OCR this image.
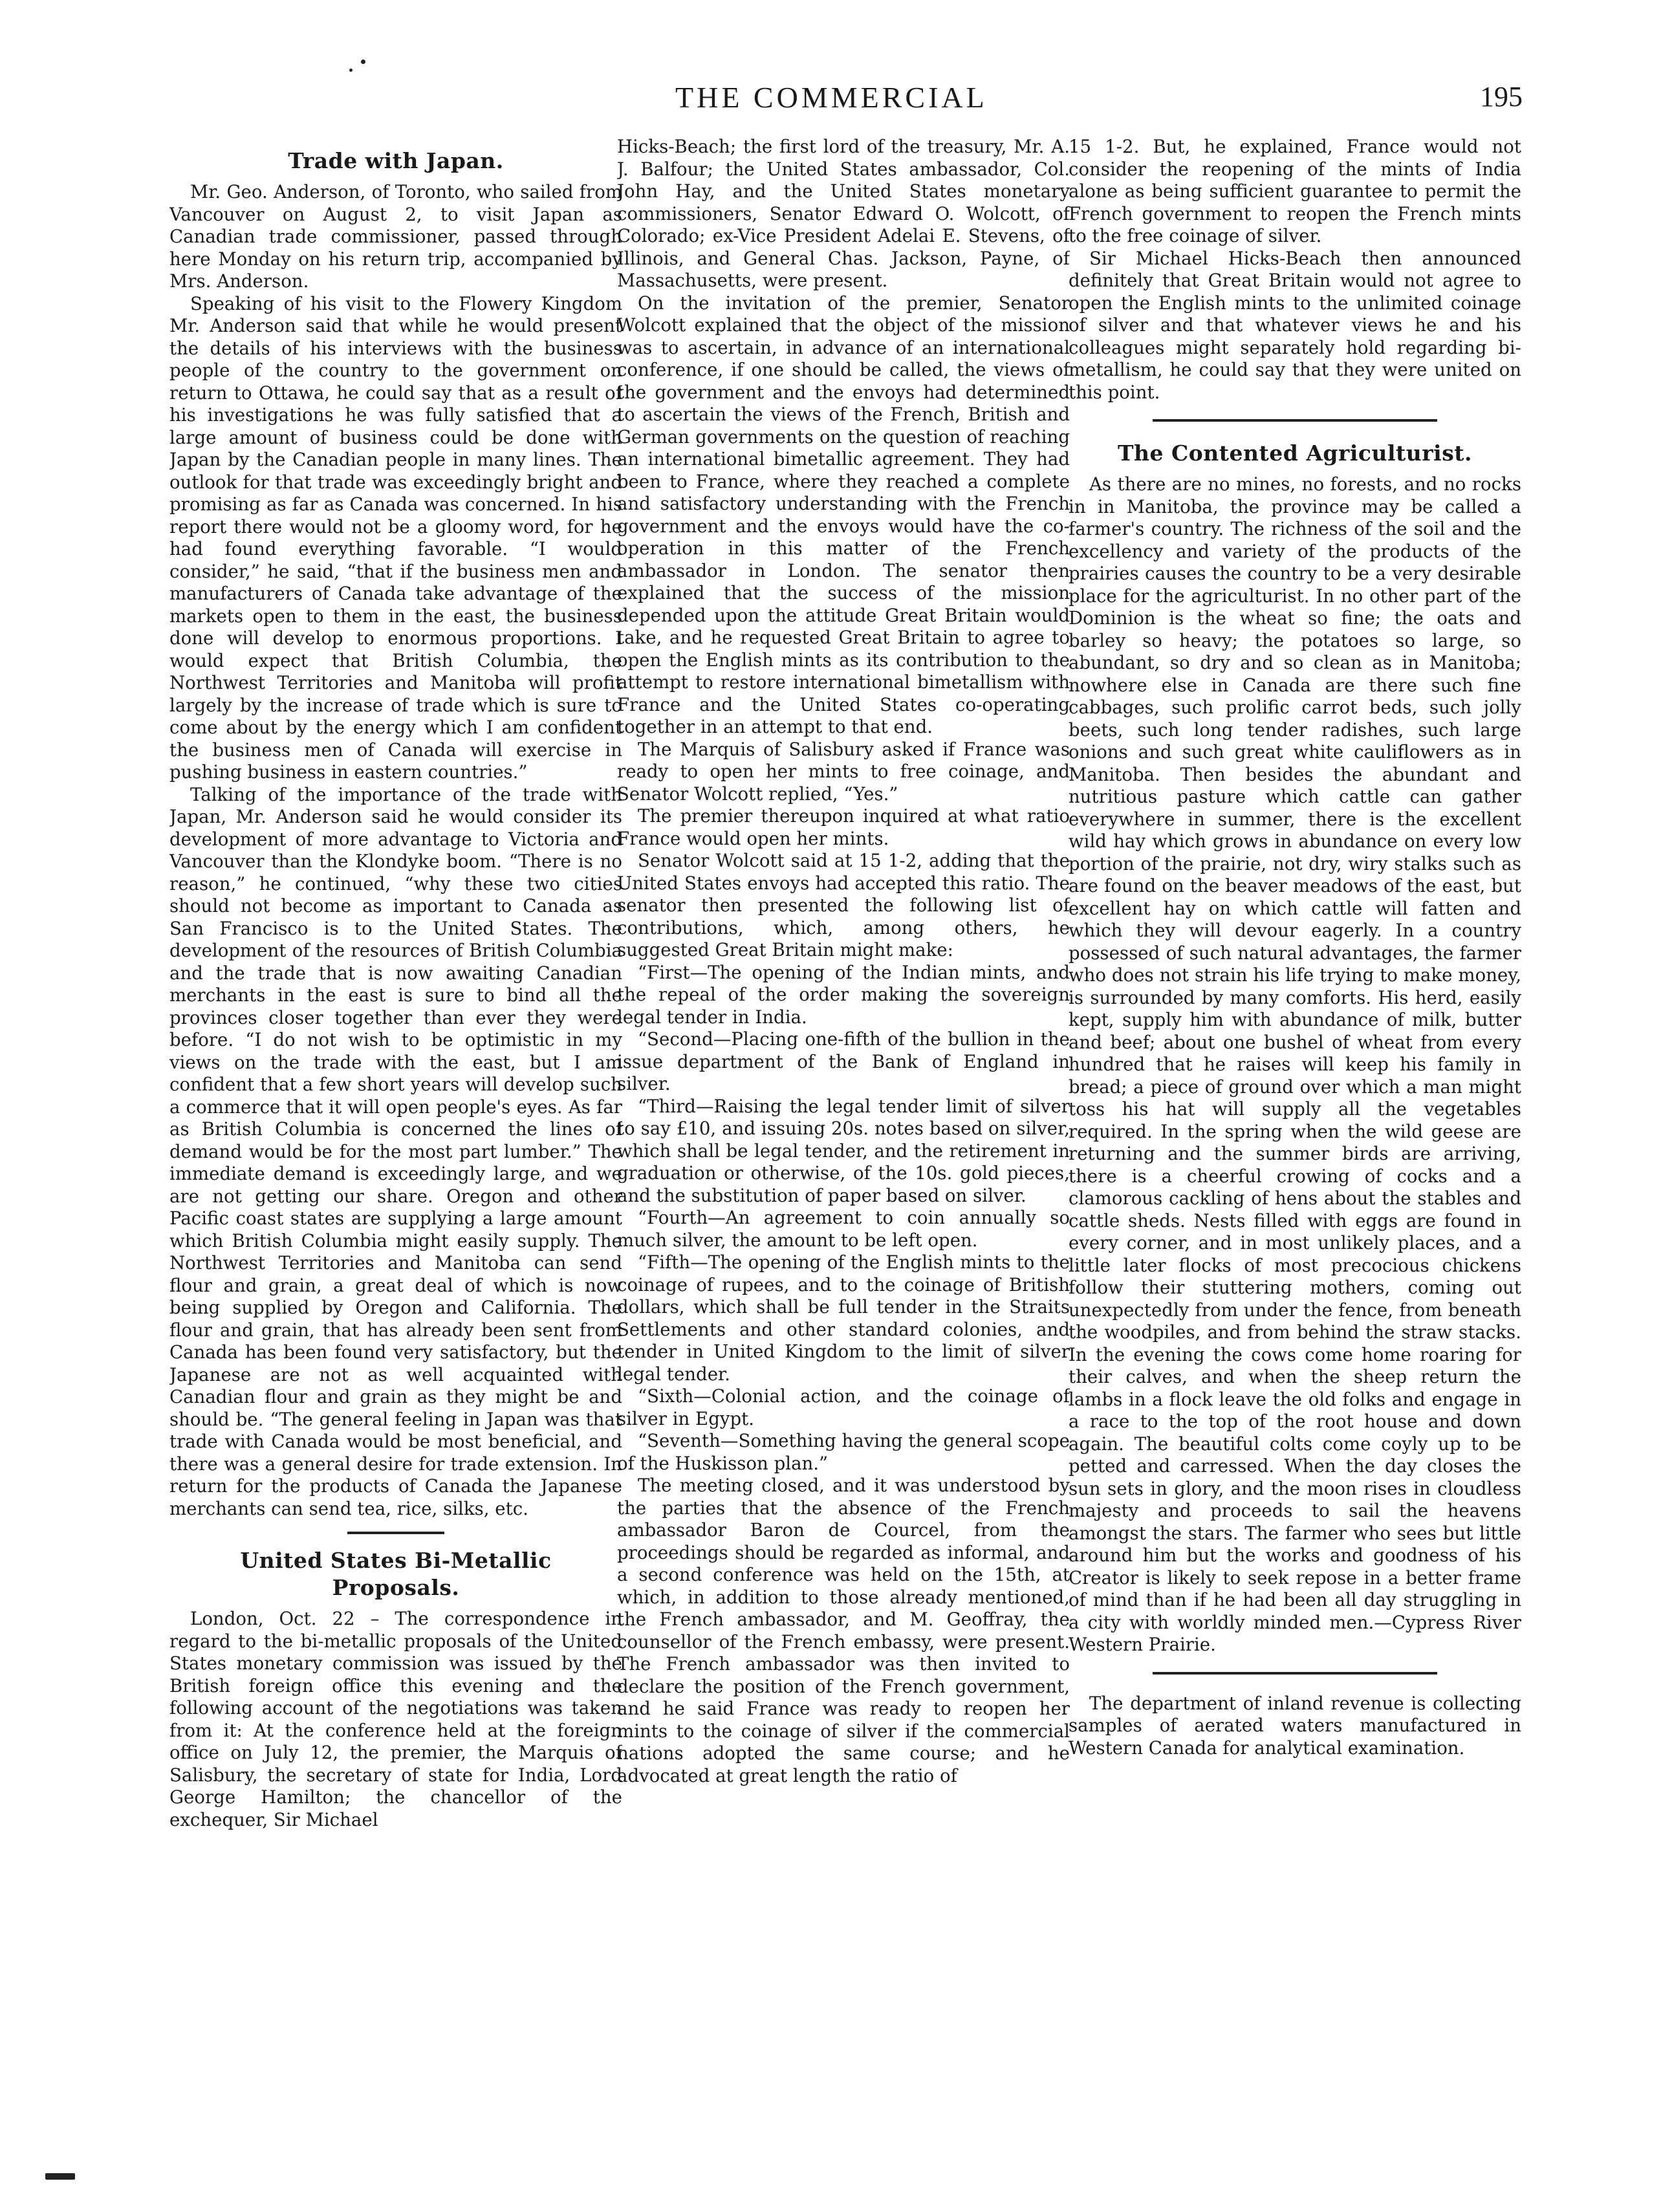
THE COMMERCIAL	195
Trade with Japan.

Mr. Geo. Anderson, of Toronto, who sailed from Vancouver on August 2, to visit Japan as Canadian trade commissioner, passed through here Monday on his return trip, accompanied by Mrs. Anderson.

Speaking of his visit to the Flowery Kingdom Mr. Anderson said that while he would present the details of his interviews with the business people of the country to the government on return to Ottawa, he could say that as a result of his investigations he was fully satisfied that a large amount of business could be done with Japan by the Canadian people in many lines. The outlook for that trade was exceedingly bright and promising as far as Canada was concerned. In his report there would not be a gloomy word, for he had found everything favorable. “I would consider,” he said, “that if the business men and manufacturers of Canada take advantage of the markets open to them in the east, the business done will develop to enormous proportions. I would expect that British Columbia, the Northwest Territories and Manitoba will profit largely by the increase of trade which is sure to come about by the energy which I am confident the business men of Canada will exercise in pushing business in eastern countries.”

Talking of the importance of the trade with Japan, Mr. Anderson said he would consider its development of more advantage to Victoria and Vancouver than the Klondyke boom. “There is no reason,” he continued, “why these two cities should not become as important to Canada as San Francisco is to the United States. The development of the resources of British Columbia and the trade that is now awaiting Canadian merchants in the east is sure to bind all the provinces closer together than ever they were before. “I do not wish to be optimistic in my views on the trade with the east, but I am confident that a few short years will develop such a commerce that it will open people's eyes. As far as British Columbia is concerned the lines of demand would be for the most part lumber.” The immediate demand is exceedingly large, and we are not getting our share. Oregon and other Pacific coast states are supplying a large amount which British Columbia might easily supply. The Northwest Territories and Manitoba can send flour and grain, a great deal of which is now being supplied by Oregon and California. The flour and grain, that has already been sent from Canada has been found very satisfactory, but the Japanese are not as well acquainted with Canadian flour and grain as they might be and should be. “The general feeling in Japan was that trade with Canada would be most beneficial, and there was a general desire for trade extension. In return for the products of Canada the Japanese merchants can send tea, rice, silks, etc.

United States Bi-Metallic Proposals.

London, Oct. 22 – The correspondence in regard to the bi-metallic proposals of the United States monetary commission was issued by the British foreign office this evening and the following account of the negotiations was taken from it: At the conference held at the foreign office on July 12, the premier, the Marquis of Salisbury, the secretary of state for India, Lord George Hamilton; the chancellor of the exchequer, Sir Michael

Hicks-Beach; the first lord of the treasury, Mr. A. J. Balfour; the United States ambassador, Col. John Hay, and the United States monetary commissioners, Senator Edward O. Wolcott, of Colorado; ex-Vice President Adelai E. Stevens, of Illinois, and General Chas. Jackson, Payne, of Massachusetts, were present.

On the invitation of the premier, Senator Wolcott explained that the object of the mission was to ascertain, in advance of an international conference, if one should be called, the views of the government and the envoys had determined to ascertain the views of the French, British and German governments on the question of reaching an international bimetallic agreement. They had been to France, where they reached a complete and satisfactory understanding with the French government and the envoys would have the co-operation in this matter of the French ambassador in London. The senator then explained that the success of the mission depended upon the attitude Great Britain would take, and he requested Great Britain to agree to open the English mints as its contribution to the attempt to restore international bimetallism with France and the United States co-operating together in an attempt to that end.

The Marquis of Salisbury asked if France was ready to open her mints to free coinage, and Senator Wolcott replied, “Yes.”

The premier thereupon inquired at what ratio France would open her mints.

Senator Wolcott said at 15 1-2, adding that the United States envoys had accepted this ratio. The senator then presented the following list of contributions, which, among others, he suggested Great Britain might make:

“First—The opening of the Indian mints, and the repeal of the order making the sovereign legal tender in India.

“Second—Placing one-fifth of the bullion in the issue department of the Bank of England in silver.

“Third—Raising the legal tender limit of silver to say £10, and issuing 20s. notes based on silver, which shall be legal tender, and the retirement in graduation or otherwise, of the 10s. gold pieces, and the substitution of paper based on silver.

“Fourth—An agreement to coin annually so much silver, the amount to be left open.

“Fifth—The opening of the English mints to the coinage of rupees, and to the coinage of British dollars, which shall be full tender in the Straits Settlements and other standard colonies, and tender in United Kingdom to the limit of silver legal tender.

“Sixth—Colonial action, and the coinage of silver in Egypt.

“Seventh—Something having the general scope of the Huskisson plan.”

The meeting closed, and it was understood by the parties that the absence of the French ambassador Baron de Courcel, from the proceedings should be regarded as informal, and a second conference was held on the 15th, at which, in addition to those already mentioned, the French ambassador, and M. Geoffray, the counsellor of the French embassy, were present. The French ambassador was then invited to declare the position of the French government, and he said France was ready to reopen her mints to the coinage of silver if the commercial nations adopted the same course; and he advocated at great length the ratio of

15 1-2. But, he explained, France would not consider the reopening of the mints of India alone as being sufficient guarantee to permit the French government to reopen the French mints to the free coinage of silver.

Sir Michael Hicks-Beach then announced definitely that Great Britain would not agree to open the English mints to the unlimited coinage of silver and that whatever views he and his colleagues might separately hold regarding bi-metallism, he could say that they were united on this point.

The Contented Agriculturist.

As there are no mines, no forests, and no rocks in in Manitoba, the province may be called a farmer's country. The richness of the soil and the excellency and variety of the products of the prairies causes the country to be a very desirable place for the agriculturist. In no other part of the Dominion is the wheat so fine; the oats and barley so heavy; the potatoes so large, so abundant, so dry and so clean as in Manitoba; nowhere else in Canada are there such fine cabbages, such prolific carrot beds, such jolly beets, such long tender radishes, such large onions and such great white cauliflowers as in Manitoba. Then besides the abundant and nutritious pasture which cattle can gather everywhere in summer, there is the excellent wild hay which grows in abundance on every low portion of the prairie, not dry, wiry stalks such as are found on the beaver meadows of the east, but excellent hay on which cattle will fatten and which they will devour eagerly. In a country possessed of such natural advantages, the farmer who does not strain his life trying to make money, is surrounded by many comforts. His herd, easily kept, supply him with abundance of milk, butter and beef; about one bushel of wheat from every hundred that he raises will keep his family in bread; a piece of ground over which a man might toss his hat will supply all the vegetables required. In the spring when the wild geese are returning and the summer birds are arriving, there is a cheerful crowing of cocks and a clamorous cackling of hens about the stables and cattle sheds. Nests filled with eggs are found in every corner, and in most unlikely places, and a little later flocks of most precocious chickens follow their stuttering mothers, coming out unexpectedly from under the fence, from beneath the woodpiles, and from behind the straw stacks. In the evening the cows come home roaring for their calves, and when the sheep return the lambs in a flock leave the old folks and engage in a race to the top of the root house and down again. The beautiful colts come coyly up to be petted and carressed. When the day closes the sun sets in glory, and the moon rises in cloudless majesty and proceeds to sail the heavens amongst the stars. The farmer who sees but little around him but the works and goodness of his Creator is likely to seek repose in a better frame of mind than if he had been all day struggling in a city with worldly minded men.—Cypress River Western Prairie.

The department of inland revenue is collecting samples of aerated waters manufactured in Western Canada for analytical examination.
